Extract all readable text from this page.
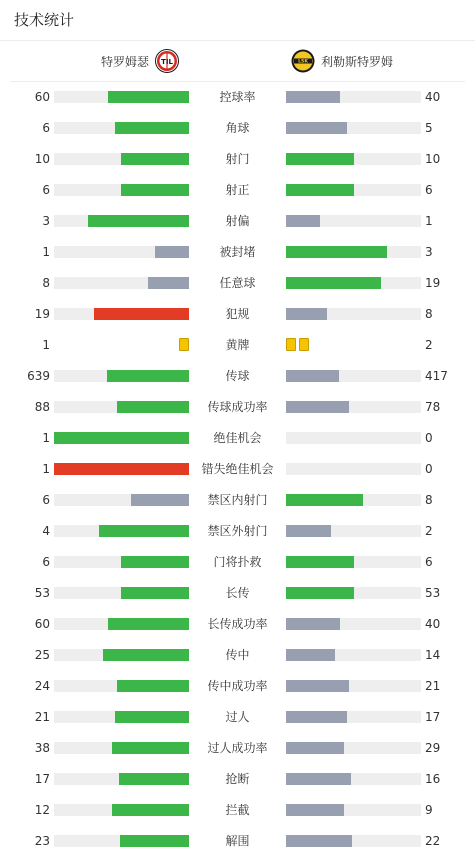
技术统计
特罗姆瑟 TIL	LSK 利勒斯特罗姆
60	控球率	40
6	角球	5
10	射门	10
6	射正	6
3	射偏	1
1	被封堵	3
8	任意球	19
19	犯规	8
1	黄牌	2
639	传球	417
88	传球成功率	78
1	绝佳机会	0
1	错失绝佳机会	0
6	禁区内射门	8
4	禁区外射门	2
6	门将扑救	6
53	长传	53
60	长传成功率	40
25	传中	14
24	传中成功率	21
21	过人	17
38	过人成功率	29
17	抢断	16
12	拦截	9
23	解围	22
